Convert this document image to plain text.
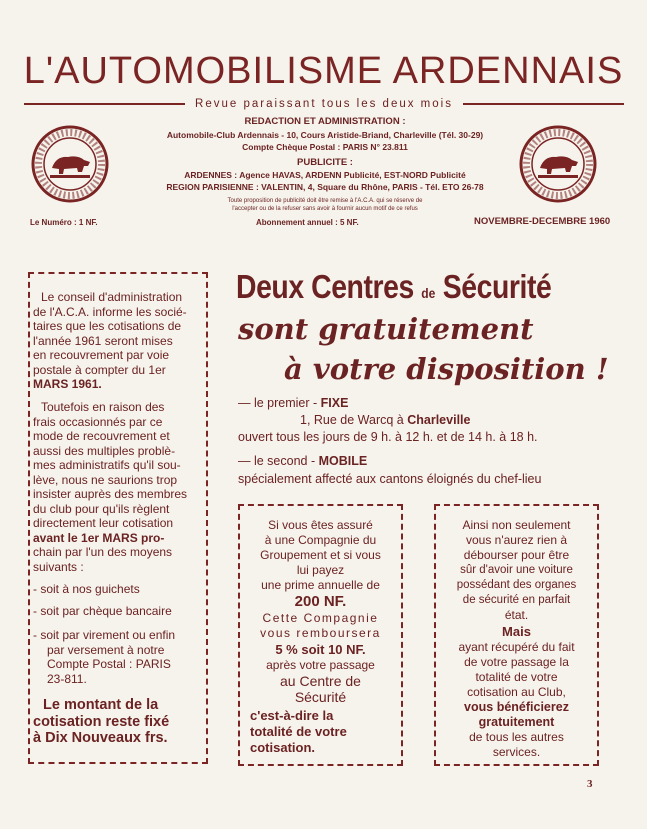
L'AUTOMOBILISME ARDENNAIS
Revue paraissant tous les deux mois
REDACTION ET ADMINISTRATION :
Automobile-Club Ardennais - 10, Cours Aristide-Briand, Charleville (Tél. 30-29)
Compte Chèque Postal : PARIS N° 23.811
PUBLICITE :
ARDENNES : Agence HAVAS, ARDENN Publicité, EST-NORD Publicité
REGION PARISIENNE : VALENTIN, 4, Square du Rhône, PARIS - Tél. ETO 26-78
Toute proposition de publicité doit être remise à l'A.C.A. qui se réserve de
l'accepter ou de la refuser sans avoir à fournir aucun motif de ce refus
Le Numéro : 1 NF.	Abonnement annuel : 5 NF.	NOVEMBRE-DECEMBRE 1960
Le conseil d'administration
de l'A.C.A. informe les socié-
taires que les cotisations de
l'année 1961 seront mises
en recouvrement par voie
postale à compter du 1er
MARS 1961.
Toutefois en raison des
frais occasionnés par ce
mode de recouvrement et
aussi des multiples problè-
mes administratifs qu'il sou-
lève, nous ne saurions trop
insister auprès des membres
du club pour qu'ils règlent
directement leur cotisation
avant le 1er MARS pro-
chain par l'un des moyens
suivants :
- soit à nos guichets
- soit par chèque bancaire
- soit par virement ou enfin
par versement à notre
Compte Postal : PARIS
23-811.
Le montant de la
cotisation reste fixé
à Dix Nouveaux frs.
Deux Centres de Sécurité
sont gratuitement
à votre disposition !
— le premier - FIXE
1, Rue de Warcq à Charleville
ouvert tous les jours de 9 h. à 12 h. et de 14 h. à 18 h.
— le second - MOBILE
spécialement affecté aux cantons éloignés du chef-lieu
Si vous êtes assuré
à une Compagnie du
Groupement et si vous
lui payez
une prime annuelle de
200 NF.
Cette Compagnie
vous remboursera
5 % soit 10 NF.
après votre passage
au Centre de
Sécurité
c'est-à-dire la
totalité de votre
cotisation.
Ainsi non seulement
vous n'aurez rien à
débourser pour être
sûr d'avoir une voiture
possédant des organes
de sécurité en parfait
état.
Mais
ayant récupéré du fait
de votre passage la
totalité de votre
cotisation au Club,
vous bénéficierez
gratuitement
de tous les autres
services.
3
